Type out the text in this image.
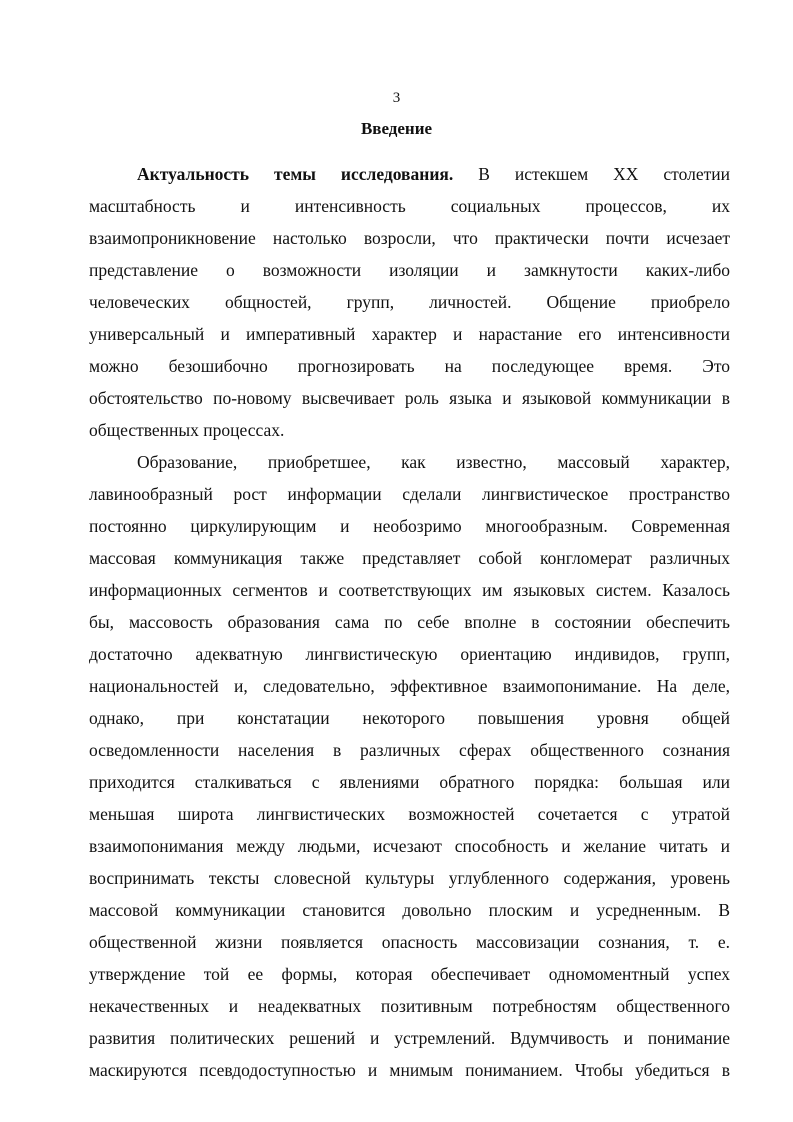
3
Введение
Актуальность темы исследования. В истекшем XX столетии
масштабность и интенсивность социальных процессов, их
взаимопроникновение настолько возросли, что практически почти исчезает
представление о возможности изоляции и замкнутости каких-либо
человеческих общностей, групп, личностей. Общение приобрело
универсальный и императивный характер и нарастание его интенсивности
можно безошибочно прогнозировать на последующее время. Это
обстоятельство по-новому высвечивает роль языка и языковой коммуникации в
общественных процессах.
Образование, приобретшее, как известно, массовый характер,
лавинообразный рост информации сделали лингвистическое пространство
постоянно циркулирующим и необозримо многообразным. Современная
массовая коммуникация также представляет собой конгломерат различных
информационных сегментов и соответствующих им языковых систем. Казалось
бы, массовость образования сама по себе вполне в состоянии обеспечить
достаточно адекватную лингвистическую ориентацию индивидов, групп,
национальностей и, следовательно, эффективное взаимопонимание. На деле,
однако, при констатации некоторого повышения уровня общей
осведомленности населения в различных сферах общественного сознания
приходится сталкиваться с явлениями обратного порядка: большая или
меньшая широта лингвистических возможностей сочетается с утратой
взаимопонимания между людьми, исчезают способность и желание читать и
воспринимать тексты словесной культуры углубленного содержания, уровень
массовой коммуникации становится довольно плоским и усредненным. В
общественной жизни появляется опасность массовизации сознания, т. е.
утверждение той ее формы, которая обеспечивает одномоментный успех
некачественных и неадекватных позитивным потребностям общественного
развития политических решений и устремлений. Вдумчивость и понимание
маскируются псевдодоступностью и мнимым пониманием. Чтобы убедиться в
